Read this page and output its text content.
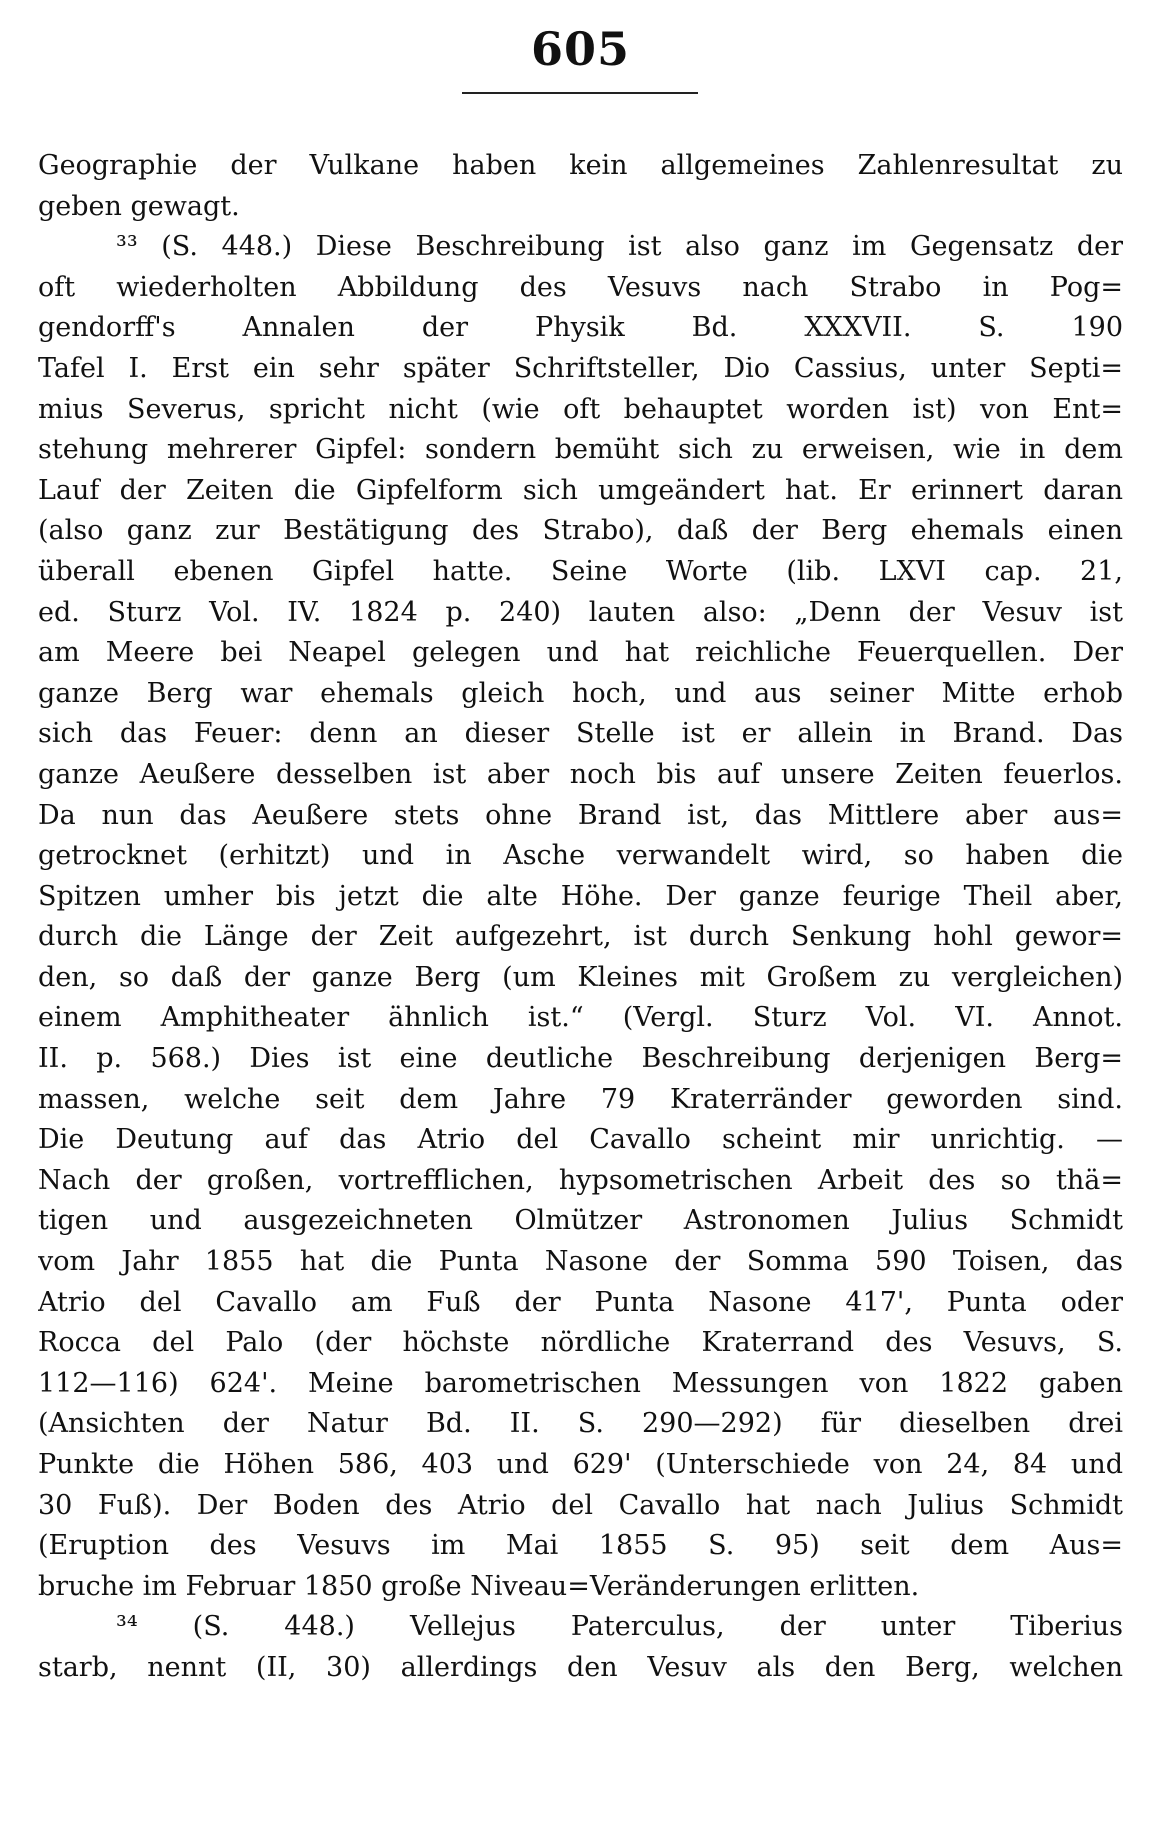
605
Geographie der Vulkane haben kein allgemeines Zahlenresultat zu
geben gewagt.
³³ (S. 448.) Diese Beschreibung ist also ganz im Gegensatz der
oft wiederholten Abbildung des Vesuvs nach Strabo in Pog=
gendorff's Annalen der Physik Bd. XXXVII. S. 190
Tafel I. Erst ein sehr später Schriftsteller, Dio Cassius, unter Septi=
mius Severus, spricht nicht (wie oft behauptet worden ist) von Ent=
stehung mehrerer Gipfel: sondern bemüht sich zu erweisen, wie in dem
Lauf der Zeiten die Gipfelform sich umgeändert hat. Er erinnert daran
(also ganz zur Bestätigung des Strabo), daß der Berg ehemals einen
überall ebenen Gipfel hatte. Seine Worte (lib. LXVI cap. 21,
ed. Sturz Vol. IV. 1824 p. 240) lauten also: „Denn der Vesuv ist
am Meere bei Neapel gelegen und hat reichliche Feuerquellen. Der
ganze Berg war ehemals gleich hoch, und aus seiner Mitte erhob
sich das Feuer: denn an dieser Stelle ist er allein in Brand. Das
ganze Aeußere desselben ist aber noch bis auf unsere Zeiten feuerlos.
Da nun das Aeußere stets ohne Brand ist, das Mittlere aber aus=
getrocknet (erhitzt) und in Asche verwandelt wird, so haben die
Spitzen umher bis jetzt die alte Höhe. Der ganze feurige Theil aber,
durch die Länge der Zeit aufgezehrt, ist durch Senkung hohl gewor=
den, so daß der ganze Berg (um Kleines mit Großem zu vergleichen)
einem Amphitheater ähnlich ist.“ (Vergl. Sturz Vol. VI. Annot.
II. p. 568.) Dies ist eine deutliche Beschreibung derjenigen Berg=
massen, welche seit dem Jahre 79 Kraterränder geworden sind.
Die Deutung auf das Atrio del Cavallo scheint mir unrichtig. —
Nach der großen, vortrefflichen, hypsometrischen Arbeit des so thä=
tigen und ausgezeichneten Olmützer Astronomen Julius Schmidt
vom Jahr 1855 hat die Punta Nasone der Somma 590 Toisen, das
Atrio del Cavallo am Fuß der Punta Nasone 417', Punta oder
Rocca del Palo (der höchste nördliche Kraterrand des Vesuvs, S.
112—116) 624'. Meine barometrischen Messungen von 1822 gaben
(Ansichten der Natur Bd. II. S. 290—292) für dieselben drei
Punkte die Höhen 586, 403 und 629' (Unterschiede von 24, 84 und
30 Fuß). Der Boden des Atrio del Cavallo hat nach Julius Schmidt
(Eruption des Vesuvs im Mai 1855 S. 95) seit dem Aus=
bruche im Februar 1850 große Niveau=Veränderungen erlitten.
³⁴ (S. 448.) Vellejus Paterculus, der unter Tiberius
starb, nennt (II, 30) allerdings den Vesuv als den Berg, welchen
